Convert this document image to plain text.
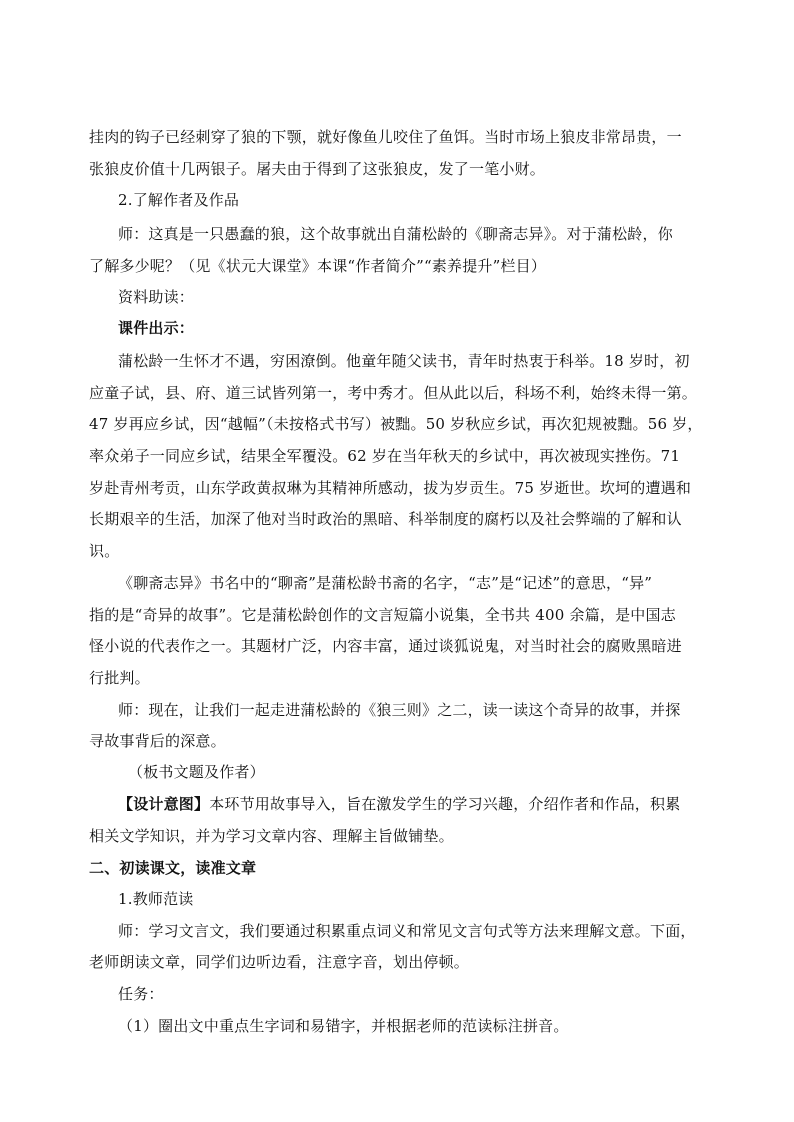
挂肉的钩子已经刺穿了狼的下颚，就好像鱼儿咬住了鱼饵。当时市场上狼皮非常昂贵，一
张狼皮价值十几两银子。屠夫由于得到了这张狼皮，发了一笔小财。
2.了解作者及作品
师：这真是一只愚蠢的狼，这个故事就出自蒲松龄的《聊斋志异》。对于蒲松龄，你
了解多少呢？（见《状元大课堂》本课“作者简介”“素养提升”栏目）
资料助读：
课件出示：
蒲松龄一生怀才不遇，穷困潦倒。他童年随父读书，青年时热衷于科举。18 岁时，初
应童子试，县、府、道三试皆列第一，考中秀才。但从此以后，科场不利，始终未得一第。
47 岁再应乡试，因“越幅”（未按格式书写）被黜。50 岁秋应乡试，再次犯规被黜。56 岁，
率众弟子一同应乡试，结果全军覆没。62 岁在当年秋天的乡试中，再次被现实挫伤。71
岁赴青州考贡，山东学政黄叔琳为其精神所感动，拔为岁贡生。75 岁逝世。坎坷的遭遇和
长期艰辛的生活，加深了他对当时政治的黑暗、科举制度的腐朽以及社会弊端的了解和认
识。
《聊斋志异》书名中的“聊斋”是蒲松龄书斋的名字，“志”是“记述”的意思，“异”
指的是“奇异的故事”。它是蒲松龄创作的文言短篇小说集，全书共 400 余篇，是中国志
怪小说的代表作之一。其题材广泛，内容丰富，通过谈狐说鬼，对当时社会的腐败黑暗进
行批判。
师：现在，让我们一起走进蒲松龄的《狼三则》之二，读一读这个奇异的故事，并探
寻故事背后的深意。
（板书文题及作者）
【设计意图】本环节用故事导入，旨在激发学生的学习兴趣，介绍作者和作品，积累
相关文学知识，并为学习文章内容、理解主旨做铺垫。
二、初读课文，读准文章
1.教师范读
师：学习文言文，我们要通过积累重点词义和常见文言句式等方法来理解文意。下面，
老师朗读文章，同学们边听边看，注意字音，划出停顿。
任务：
（1）圈出文中重点生字词和易错字，并根据老师的范读标注拼音。
